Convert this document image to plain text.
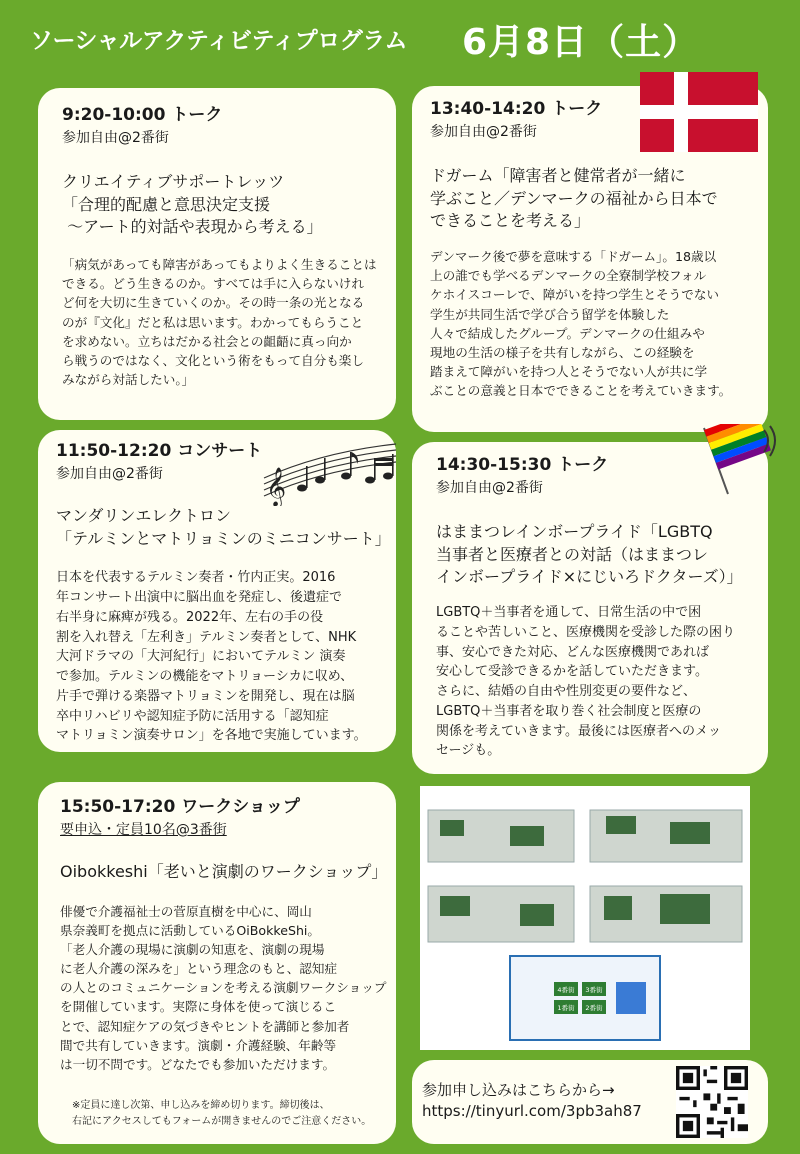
ソーシャルアクティビティプログラム 6月8日（土）
9:20-10:00 トーク
参加自由@2番街
クリエイティブサポートレッツ
「合理的配慮と意思決定支援
～アート的対話や表現から考える」
「病気があっても障害があってもよりよく生きることは
できる。どう生きるのか。すべては手に入らないけれ
ど何を大切に生きていくのか。その時一条の光となる
のが『文化』だと私は思います。わかってもらうこと
を求めない。立ちはだかる社会との齟齬に真っ向か
ら戦うのではなく、文化という術をもって自分も楽し
みながら対話したい。」
13:40-14:20 トーク
参加自由@2番街
ドガーム「障害者と健常者が一緒に
学ぶこと／デンマークの福祉から日本で
できることを考える」
デンマーク後で夢を意味する「ドガーム」。18歳以
上の誰でも学べるデンマークの全寮制学校フォル
ケホイスコーレで、障がいを持つ学生とそうでない
学生が共同生活で学び合う留学を体験した
人々で結成したグループ。デンマークの仕組みや
現地の生活の様子を共有しながら、この経験を
踏まえて障がいを持つ人とそうでない人が共に学
ぶことの意義と日本でできることを考えていきます。
11:50-12:20 コンサート
参加自由@2番街
マンダリンエレクトロン
「テルミンとマトリョミンのミニコンサート」
日本を代表するテルミン奏者・竹内正実。2016
年コンサート出演中に脳出血を発症し、後遺症で
右半身に麻痺が残る。2022年、左右の手の役
割を入れ替え「左利き」テルミン奏者として、NHK
大河ドラマの「大河紀行」においてテルミン 演奏
で参加。テルミンの機能をマトリョーシカに収め、
片手で弾ける楽器マトリョミンを開発し、現在は脳
卒中リハビリや認知症予防に活用する「認知症
マトリョミン演奏サロン」を各地で実施しています。
𝄞
14:30-15:30 トーク
参加自由@2番街
はままつレインボープライド「LGBTQ
当事者と医療者との対話（はままつレ
インボープライド×にじいろドクターズ）」
LGBTQ＋当事者を通して、日常生活の中で困
ることや苦しいこと、医療機関を受診した際の困り
事、安心できた対応、どんな医療機関であれば
安心して受診できるかを話していただきます。
さらに、結婚の自由や性別変更の要件など、
LGBTQ＋当事者を取り巻く社会制度と医療の
関係を考えていきます。最後には医療者へのメッ
セージも。
15:50-17:20 ワークショップ
要申込・定員10名@3番街
Oibokkeshi「老いと演劇のワークショップ」
俳優で介護福祉士の菅原直樹を中心に、岡山
県奈義町を拠点に活動しているOiBokkeShi。
「老人介護の現場に演劇の知恵を、演劇の現場
に老人介護の深みを」という理念のもと、認知症
の人とのコミュニケーションを考える演劇ワークショップ
を開催しています。実際に身体を使って演じるこ
とで、認知症ケアの気づきやヒントを講師と参加者
間で共有していきます。演劇・介護経験、年齢等
は一切不問です。どなたでも参加いただけます。
※定員に達し次第、申し込みを締め切ります。締切後は、
右記にアクセスしてもフォームが開きませんのでご注意ください。
4番街 3番街
1番街 2番街
参加申し込みはこちらから→
https://tinyurl.com/3pb3ah87
